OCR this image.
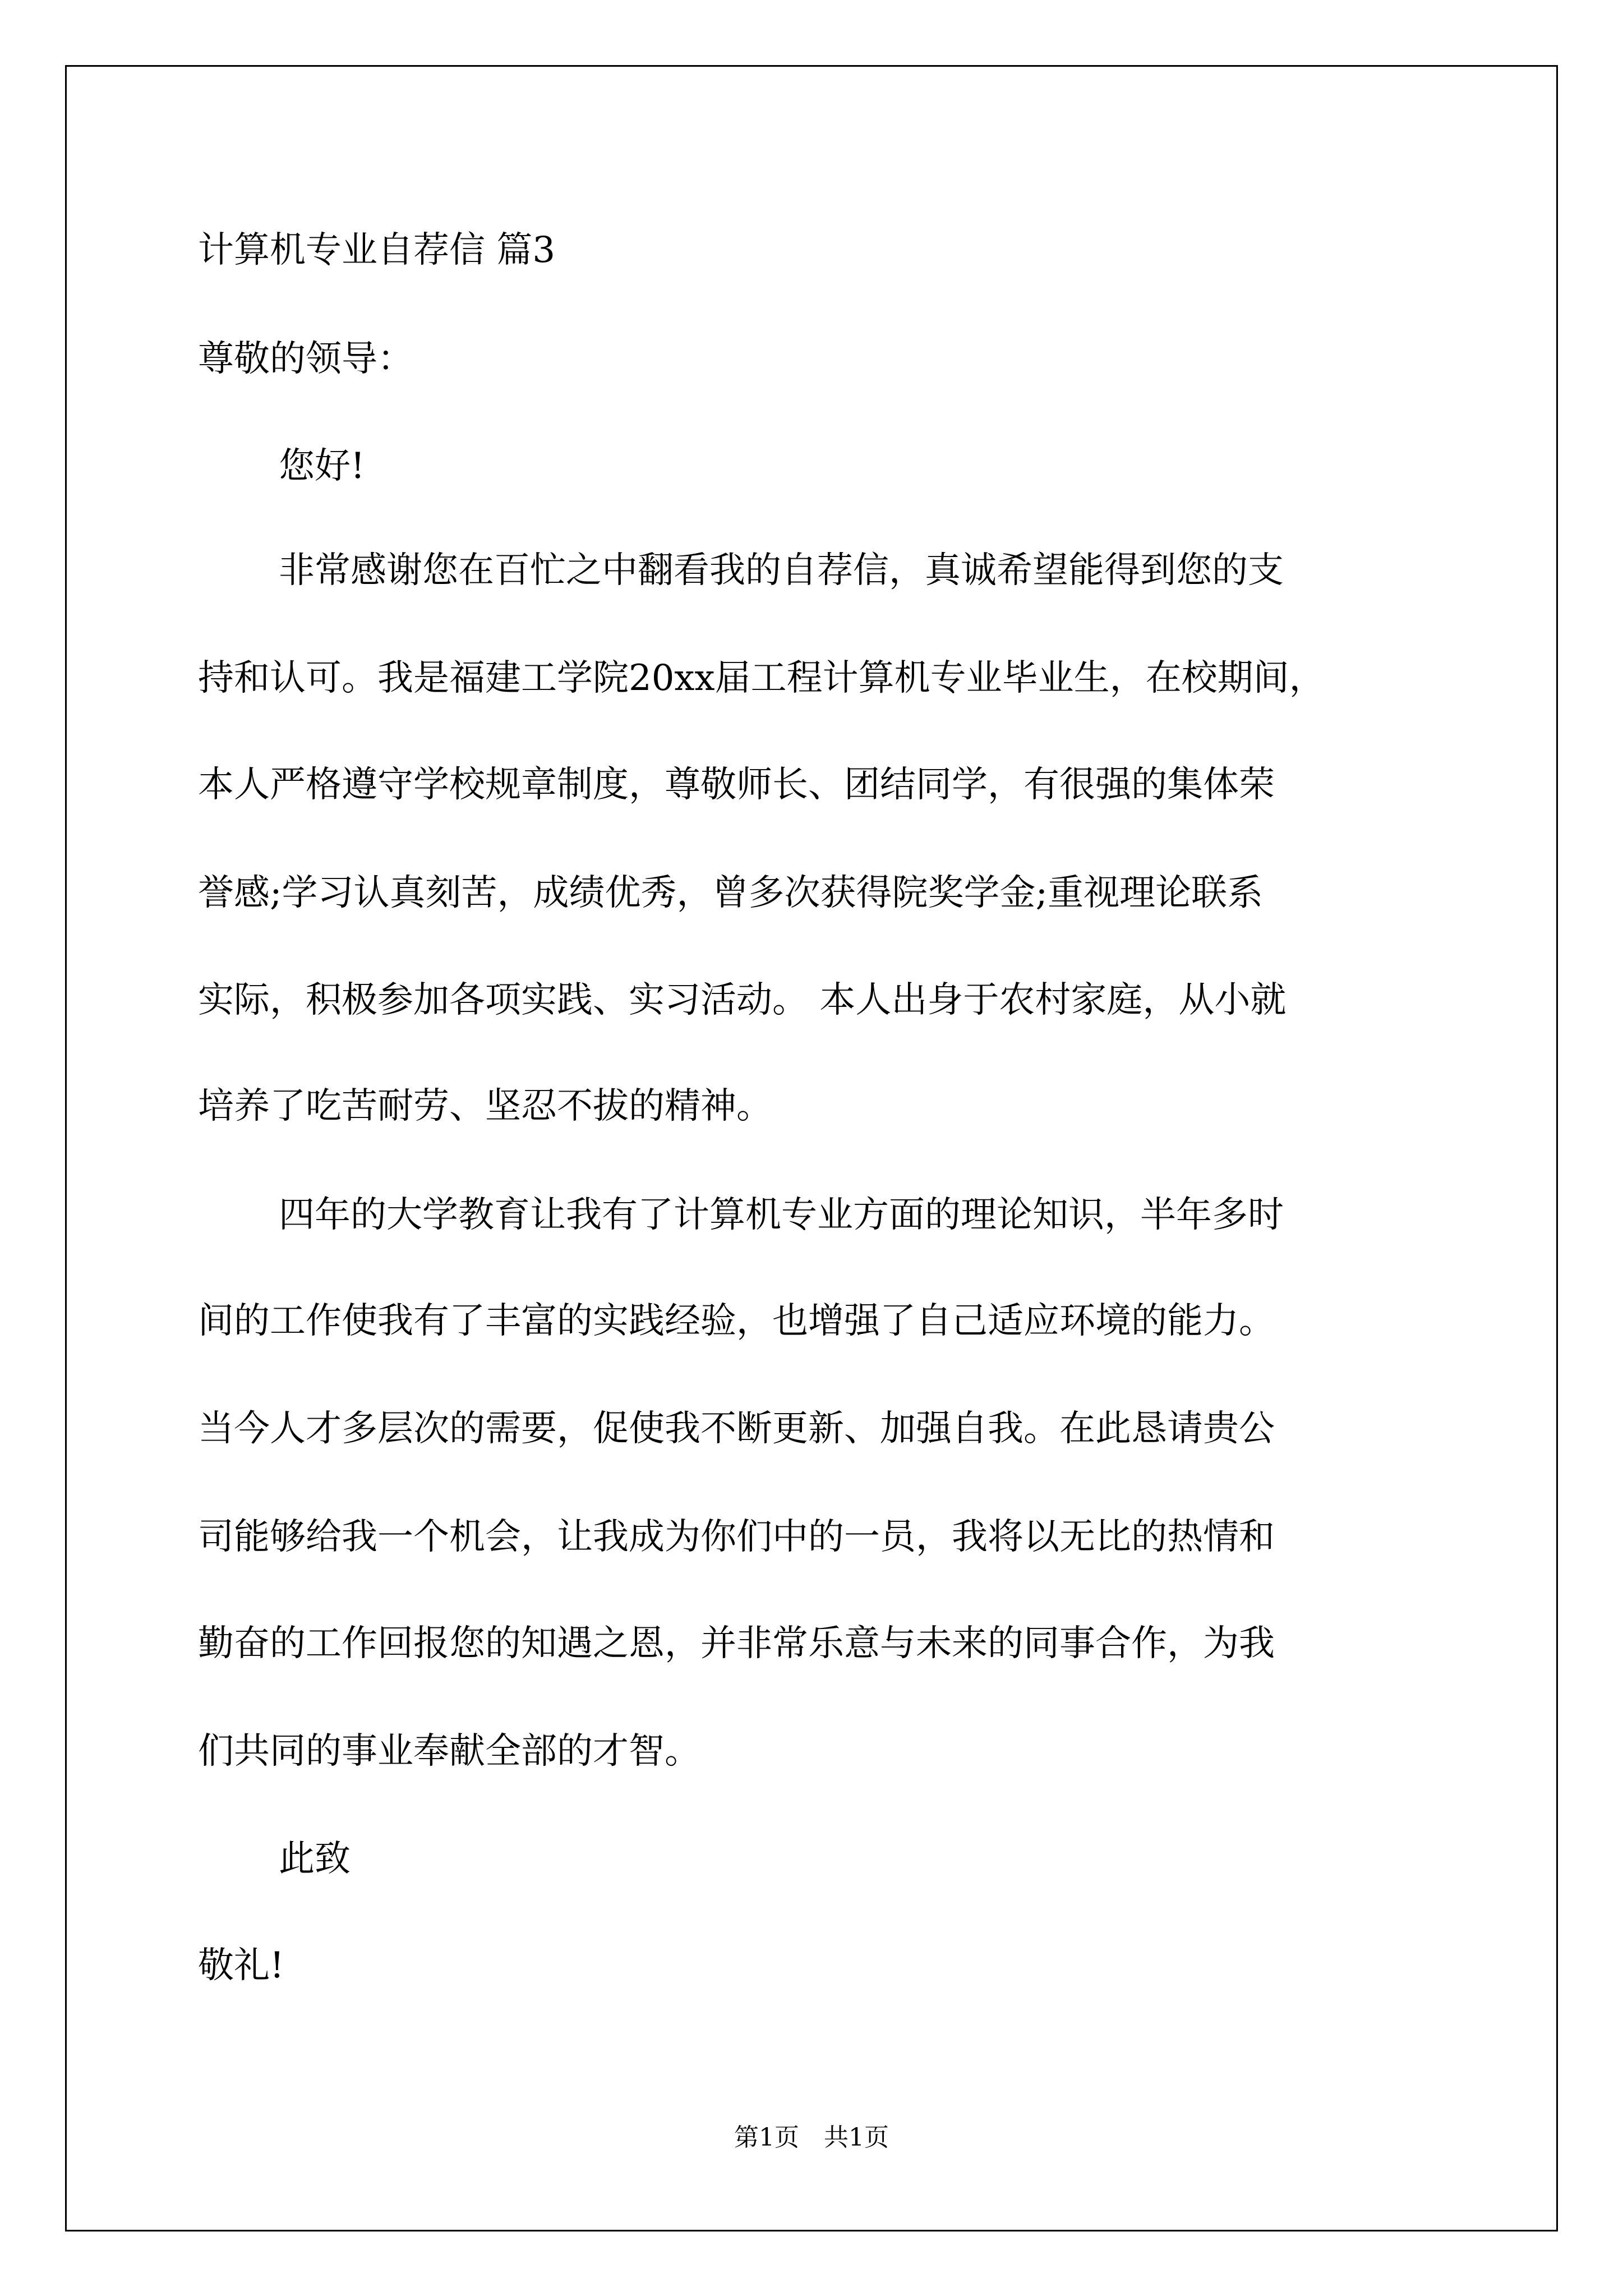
计算机专业自荐信 篇3
尊敬的领导：
您好!
非常感谢您在百忙之中翻看我的自荐信，真诚希望能得到您的支
持和认可。我是福建工学院20xx届工程计算机专业毕业生，在校期间，
本人严格遵守学校规章制度，尊敬师长、团结同学，有很强的集体荣
誉感;学习认真刻苦，成绩优秀，曾多次获得院奖学金;重视理论联系
实际，积极参加各项实践、实习活动。 本人出身于农村家庭，从小就
培养了吃苦耐劳、坚忍不拔的精神。
四年的大学教育让我有了计算机专业方面的理论知识，半年多时
间的工作使我有了丰富的实践经验，也增强了自己适应环境的能力。
当今人才多层次的需要，促使我不断更新、加强自我。在此恳请贵公
司能够给我一个机会，让我成为你们中的一员，我将以无比的热情和
勤奋的工作回报您的知遇之恩，并非常乐意与未来的同事合作，为我
们共同的事业奉献全部的才智。
此致
敬礼!
第1页　共1页
